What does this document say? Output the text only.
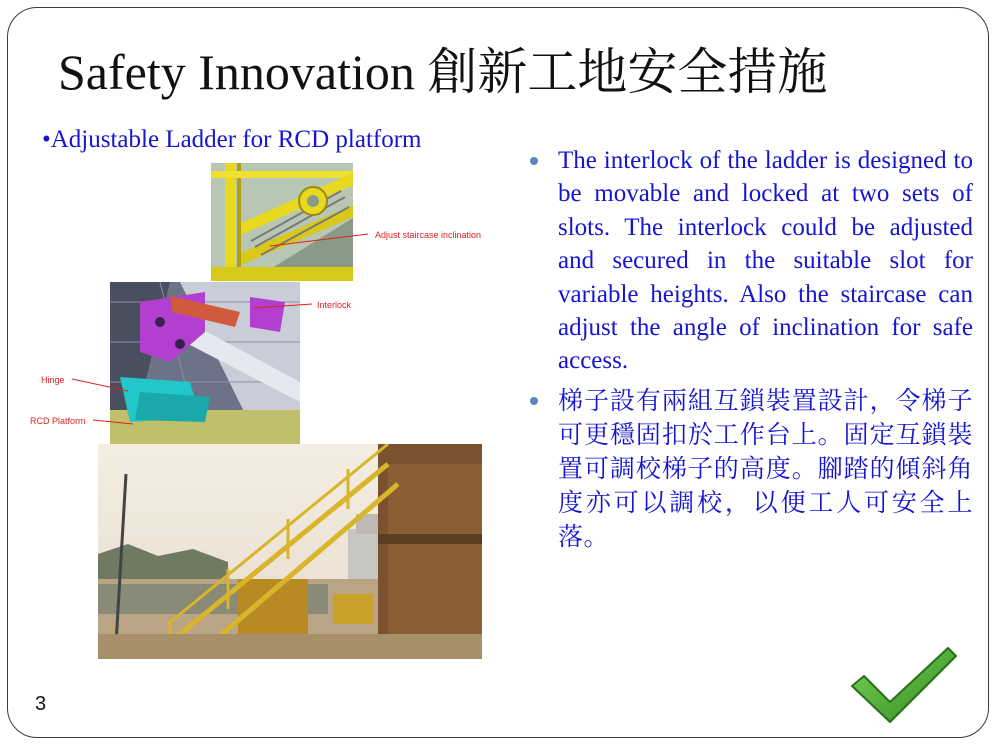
Safety Innovation 創新工地安全措施
•Adjustable Ladder for RCD platform
Adjust staircase inclination
Interlock
Hinge
RCD Platform
The interlock of the ladder is designed to be movable and locked at two sets of slots. The interlock could be adjusted and secured in the suitable slot for variable heights. Also the staircase can adjust the angle of inclination for safe access.
梯子設有兩組互鎖裝置設計，令梯子可更穩固扣於工作台上。固定互鎖裝置可調校梯子的高度。腳踏的傾斜角度亦可以調校，以便工人可安全上落。
3
